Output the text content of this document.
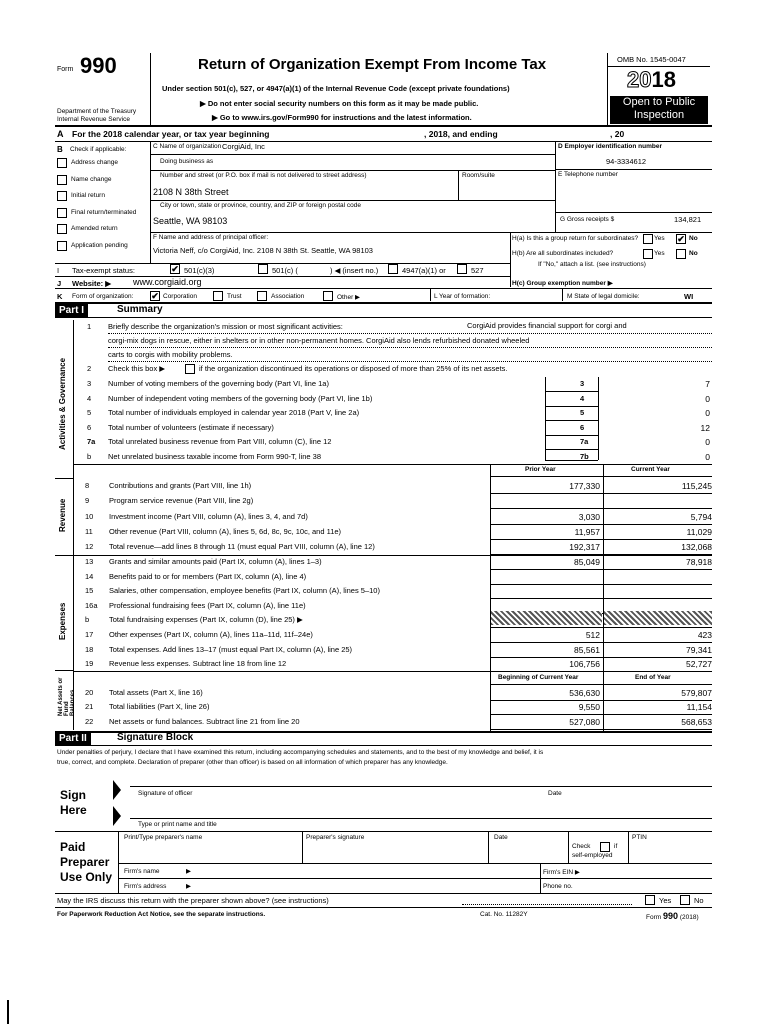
Form 990
Department of the Treasury
Internal Revenue Service
Return of Organization Exempt From Income Tax
Under section 501(c), 527, or 4947(a)(1) of the Internal Revenue Code (except private foundations)
▶ Do not enter social security numbers on this form as it may be made public.
▶ Go to www.irs.gov/Form990 for instructions and the latest information.
OMB No. 1545-0047
2018
Open to Public
Inspection
A For the 2018 calendar year, or tax year beginning	, 2018, and ending	, 20
B Check if applicable:
Address change
Name change
Initial return
Final return/terminated
Amended return
Application pending
C Name of organization CorgiAid, Inc
Doing business as
Number and street (or P.O. box if mail is not delivered to street address)	Room/suite
2108 N 38th Street
City or town, state or province, country, and ZIP or foreign postal code
Seattle, WA 98103
D Employer identification number
94-3334612
E Telephone number
G Gross receipts $	134,821
F Name and address of principal officer:
Victoria Neff, c/o CorgiAid, Inc. 2108 N 38th St. Seattle, WA 98103
H(a) Is this a group return for subordinates? Yes ✔ No
H(b) Are all subordinates included?	Yes	No
If "No," attach a list. (see instructions)
I Tax-exempt status:	✔ 501(c)(3)	501(c) (	) ◀ (insert no.)	4947(a)(1) or	527
J Website: ▶ www.corgiaid.org	H(c) Group exemption number ▶
K Form of organization: ✔ Corporation	Trust	Association	Other ▶	L Year of formation:	M State of legal domicile:	WI
Part I	Summary
1 Briefly describe the organization's mission or most significant activities:	CorgiAid provides financial support for corgi and
corgi-mix dogs in rescue, either in shelters or in other non-permanent homes. CorgiAid also lends refurbished donated wheeled
carts to corgis with mobility problems.
2 Check this box ▶	if the organization discontinued its operations or disposed of more than 25% of its net assets.
3 Number of voting members of the governing body (Part VI, line 1a)	3	7
4 Number of independent voting members of the governing body (Part VI, line 1b)	4	0
5 Total number of individuals employed in calendar year 2018 (Part V, line 2a)	5	0
6 Total number of volunteers (estimate if necessary)	6	12
7a Total unrelated business revenue from Part VIII, column (C), line 12	7a	0
b Net unrelated business taxable income from Form 990-T, line 38	7b	0
Activities & Governance
Revenue
Expenses
Net Assets or Fund Balances
Prior Year	Current Year
8	Contributions and grants (Part VIII, line 1h)	177,330	115,245
9	Program service revenue (Part VIII, line 2g)
10 Investment income (Part VIII, column (A), lines 3, 4, and 7d)	3,030	5,794
11 Other revenue (Part VIII, column (A), lines 5, 6d, 8c, 9c, 10c, and 11e)	11,957	11,029
12 Total revenue—add lines 8 through 11 (must equal Part VIII, column (A), line 12)	192,317	132,068
13 Grants and similar amounts paid (Part IX, column (A), lines 1–3)	85,049	78,918
14 Benefits paid to or for members (Part IX, column (A), line 4)
15 Salaries, other compensation, employee benefits (Part IX, column (A), lines 5–10)
16a Professional fundraising fees (Part IX, column (A), line 11e)
b	Total fundraising expenses (Part IX, column (D), line 25) ▶
17 Other expenses (Part IX, column (A), lines 11a–11d, 11f–24e)	512	423
18 Total expenses. Add lines 13–17 (must equal Part IX, column (A), line 25)	85,561	79,341
19 Revenue less expenses. Subtract line 18 from line 12	106,756	52,727
Beginning of Current Year	End of Year
20 Total assets (Part X, line 16)	536,630	579,807
21 Total liabilities (Part X, line 26)	9,550	11,154
22 Net assets or fund balances. Subtract line 21 from line 20	527,080	568,653
Part II	Signature Block
Under penalties of perjury, I declare that I have examined this return, including accompanying schedules and statements, and to the best of my knowledge and belief, it is
true, correct, and complete. Declaration of preparer (other than officer) is based on all information of which preparer has any knowledge.
Sign
Here
Signature of officer	Date
Type or print name and title
Paid
Preparer
Use Only
Print/Type preparer's name	Preparer's signature	Date
Check	if
self-employed
PTIN
Firm's name	▶	Firm's EIN ▶
Firm's address	▶	Phone no.
May the IRS discuss this return with the preparer shown above? (see instructions)	Yes	No
For Paperwork Reduction Act Notice, see the separate instructions.	Cat. No. 11282Y	Form 990 (2018)
